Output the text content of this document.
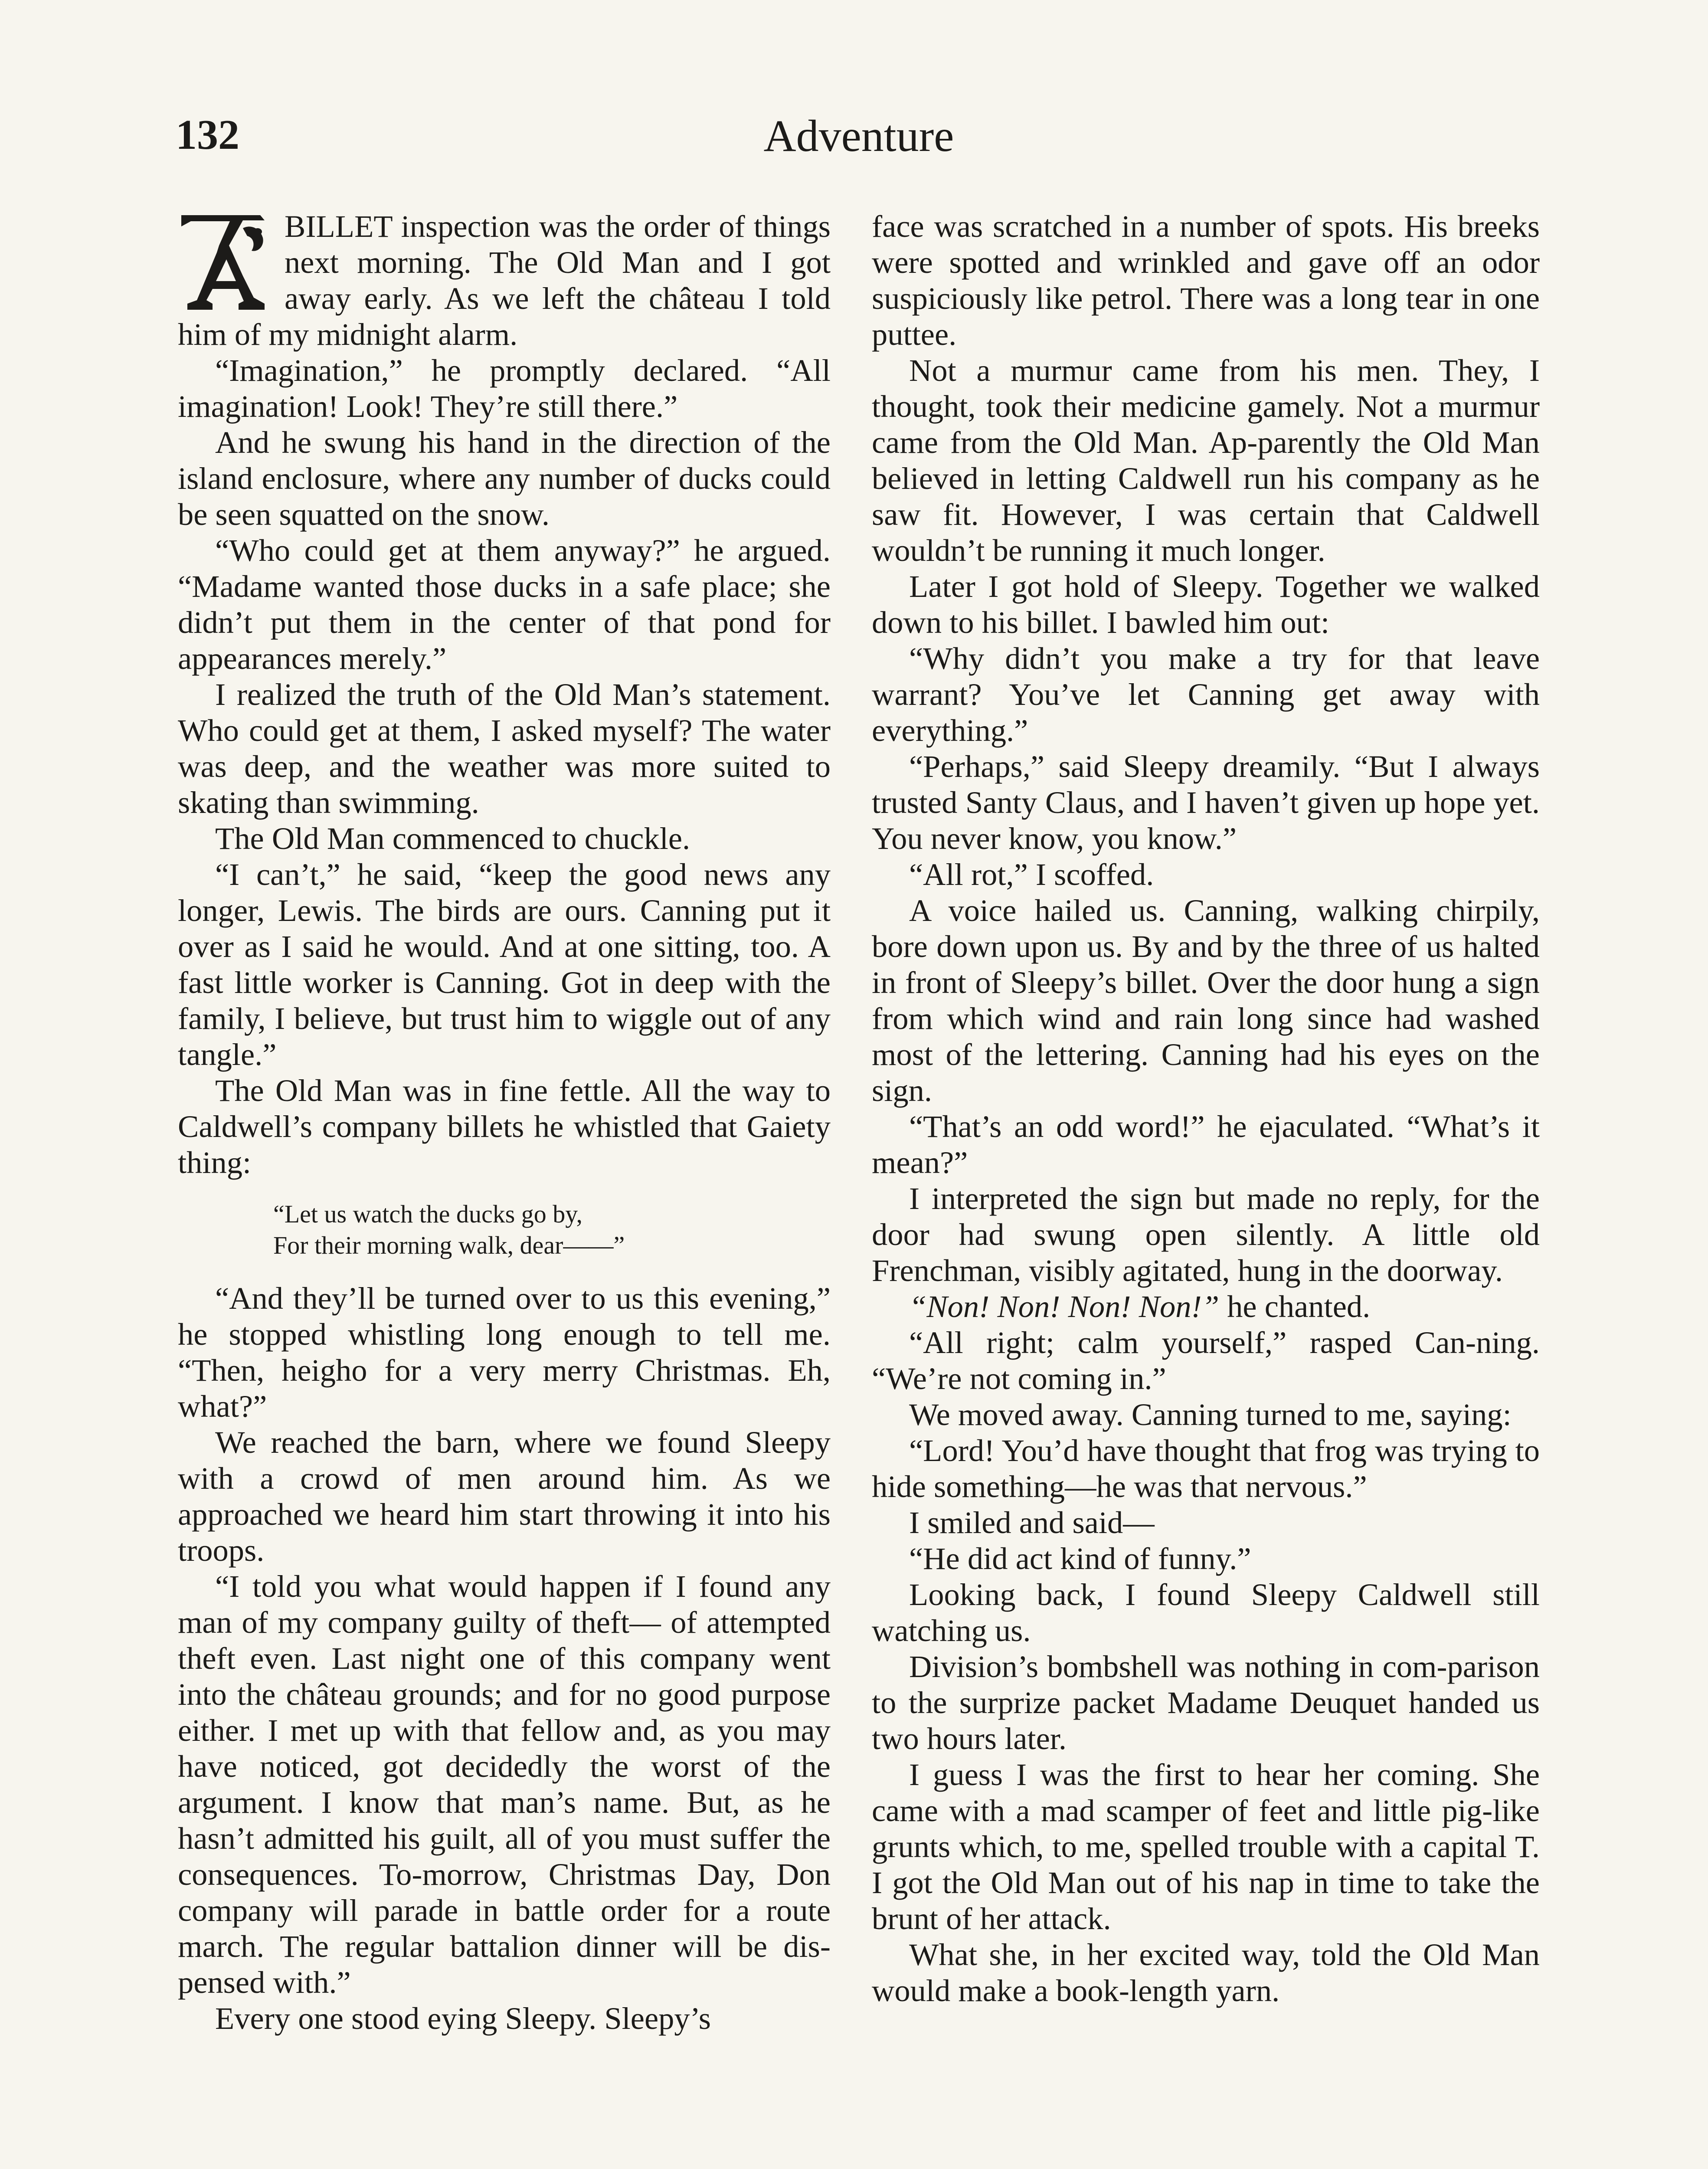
132	Adventure

BILLET inspection was the order of things next morning. The Old Man and I got away early. As we left the château I told him of my midnight alarm.

“Imagination,” he promptly declared. “All imagination! Look! They’re still there.”

And he swung his hand in the direction of the island enclosure, where any number of ducks could be seen squatted on the snow.

“Who could get at them anyway?” he argued. “Madame wanted those ducks in a safe place; she didn’t put them in the center of that pond for appearances merely.”

I realized the truth of the Old Man’s statement. Who could get at them, I asked myself? The water was deep, and the weather was more suited to skating than swimming.

The Old Man commenced to chuckle.

“I can’t,” he said, “keep the good news any longer, Lewis. The birds are ours. Canning put it over as I said he would. And at one sitting, too. A fast little worker is Canning. Got in deep with the family, I believe, but trust him to wiggle out of any tangle.”

The Old Man was in fine fettle. All the way to Caldwell’s company billets he whistled that Gaiety thing:

“Let us watch the ducks go by,
For their morning walk, dear——”

“And they’ll be turned over to us this evening,” he stopped whistling long enough to tell me. “Then, heigho for a very merry Christmas. Eh, what?”

We reached the barn, where we found Sleepy with a crowd of men around him. As we approached we heard him start throwing it into his troops.

“I told you what would happen if I found any man of my company guilty of theft— of attempted theft even. Last night one of this company went into the château grounds; and for no good purpose either. I met up with that fellow and, as you may have noticed, got decidedly the worst of the argument. I know that man’s name. But, as he hasn’t admitted his guilt, all of you must suffer the consequences. To-morrow, Christmas Day, Don company will parade in battle order for a route march. The regular battalion dinner will be dis-pensed with.”

Every one stood eying Sleepy. Sleepy’s

face was scratched in a number of spots. His breeks were spotted and wrinkled and gave off an odor suspiciously like petrol. There was a long tear in one puttee.

Not a murmur came from his men. They, I thought, took their medicine gamely. Not a murmur came from the Old Man. Ap-parently the Old Man believed in letting Caldwell run his company as he saw fit. However, I was certain that Caldwell wouldn’t be running it much longer.

Later I got hold of Sleepy. Together we walked down to his billet. I bawled him out:

“Why didn’t you make a try for that leave warrant? You’ve let Canning get away with everything.”

“Perhaps,” said Sleepy dreamily. “But I always trusted Santy Claus, and I haven’t given up hope yet. You never know, you know.”

“All rot,” I scoffed.

A voice hailed us. Canning, walking chirpily, bore down upon us. By and by the three of us halted in front of Sleepy’s billet. Over the door hung a sign from which wind and rain long since had washed most of the lettering. Canning had his eyes on the sign.

“That’s an odd word!” he ejaculated. “What’s it mean?”

I interpreted the sign but made no reply, for the door had swung open silently. A little old Frenchman, visibly agitated, hung in the doorway.

“Non! Non! Non! Non!” he chanted.

“All right; calm yourself,” rasped Can-ning. “We’re not coming in.”

We moved away. Canning turned to me, saying:

“Lord! You’d have thought that frog was trying to hide something—he was that nervous.”

I smiled and said—

“He did act kind of funny.”

Looking back, I found Sleepy Caldwell still watching us.

Division’s bombshell was nothing in com-parison to the surprize packet Madame Deuquet handed us two hours later.

I guess I was the first to hear her coming. She came with a mad scamper of feet and little pig-like grunts which, to me, spelled trouble with a capital T. I got the Old Man out of his nap in time to take the brunt of her attack.

What she, in her excited way, told the Old Man would make a book-length yarn.
